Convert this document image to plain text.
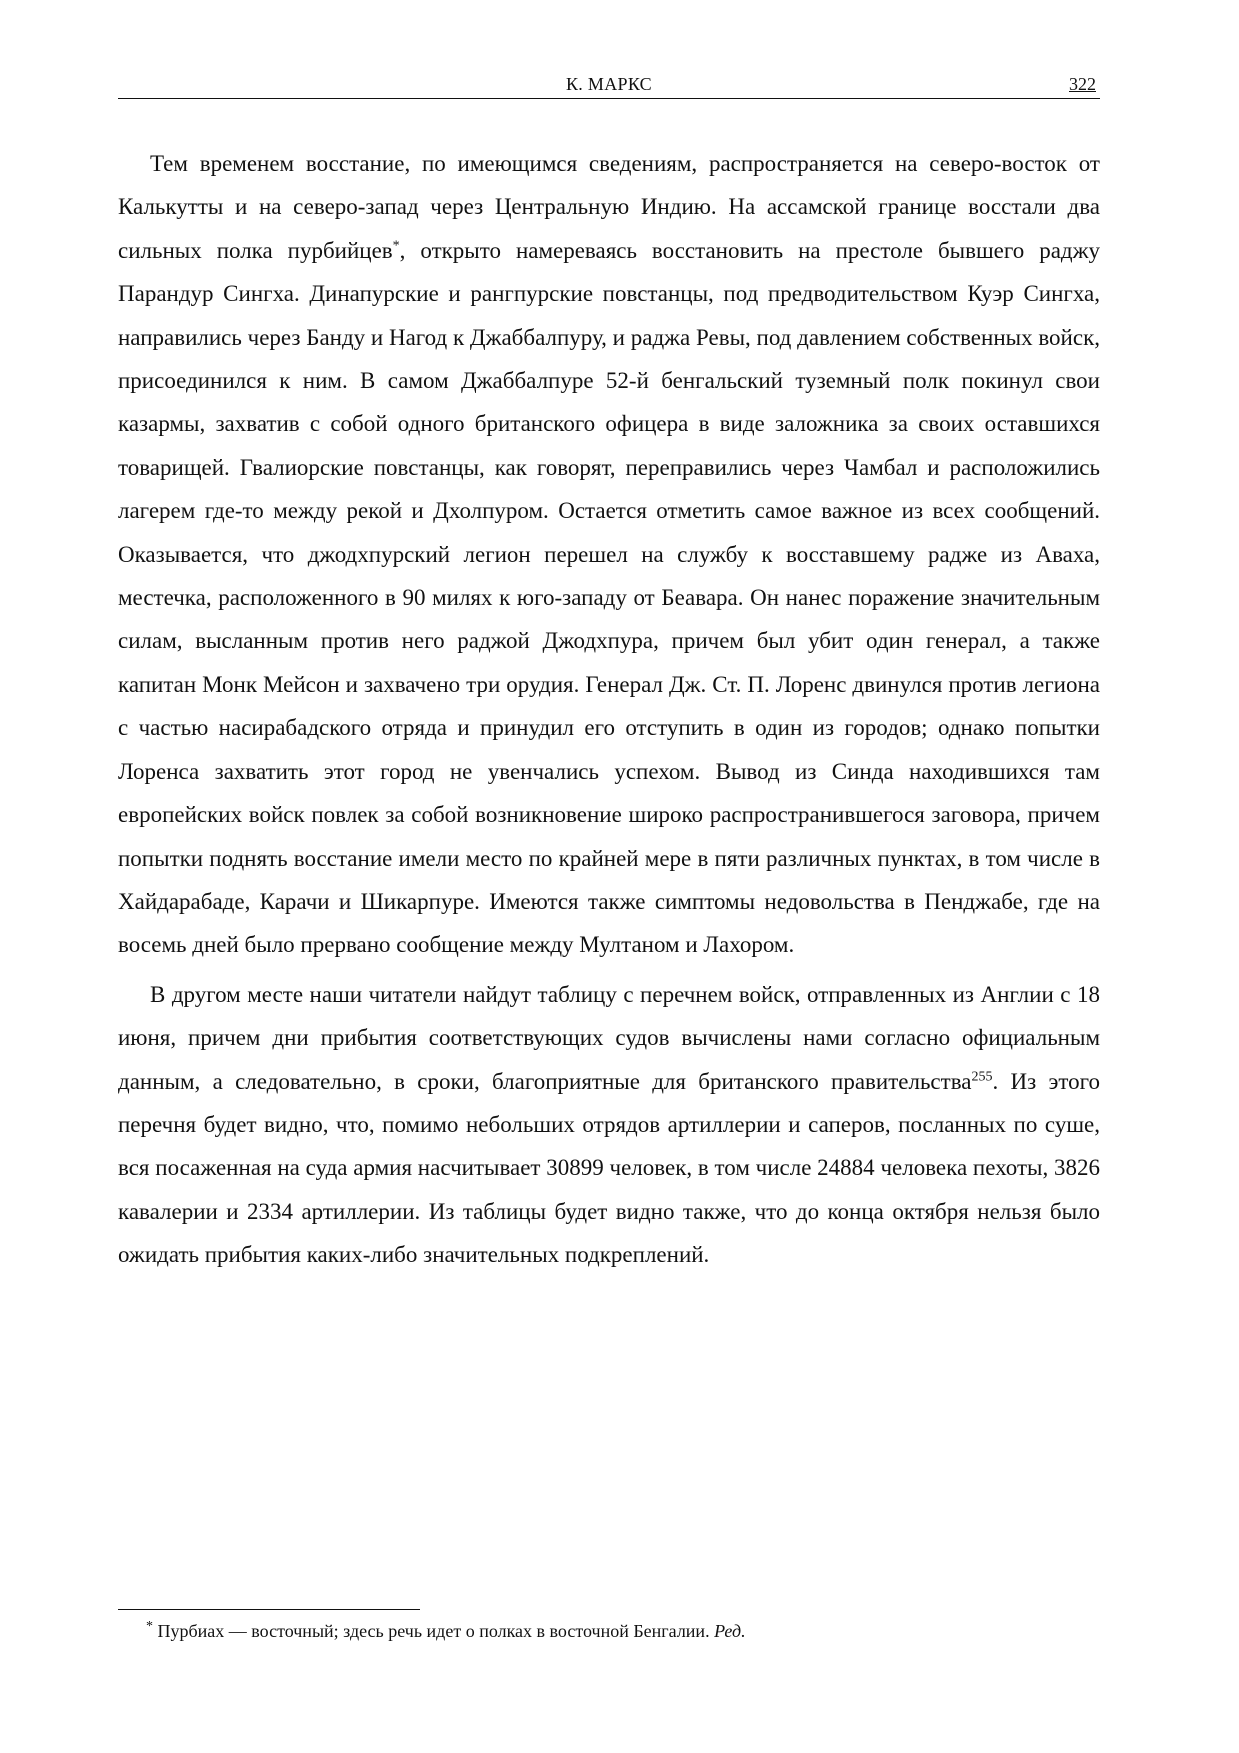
К. МАРКС	322

Тем временем восстание, по имеющимся сведениям, распространяется на северо-восток от Калькутты и на северо-запад через Центральную Индию. На ассамской границе восстали два сильных полка пурбийцев*, открыто намереваясь восстановить на престоле бывшего раджу Парандур Сингха. Динапурские и рангпурские повстанцы, под предводительством Куэр Сингха, направились через Банду и Нагод к Джаббалпуру, и раджа Ревы, под давлением собственных войск, присоединился к ним. В самом Джаббалпуре 52-й бенгальский туземный полк покинул свои казармы, захватив с собой одного британского офицера в виде заложника за своих оставшихся товарищей. Гвалиорские повстанцы, как говорят, переправились через Чамбал и расположились лагерем где-то между рекой и Дхолпуром. Остается отметить самое важное из всех сообщений. Оказывается, что джодхпурский легион перешел на службу к восставшему радже из Аваха, местечка, расположенного в 90 милях к юго-западу от Беавара. Он нанес поражение значительным силам, высланным против него раджой Джодхпура, причем был убит один генерал, а также капитан Монк Мейсон и захвачено три орудия. Генерал Дж. Ст. П. Лоренс двинулся против легиона с частью насирабадского отряда и принудил его отступить в один из городов; однако попытки Лоренса захватить этот город не увенчались успехом. Вывод из Синда находившихся там европейских войск повлек за собой возникновение широко распространившегося заговора, причем попытки поднять восстание имели место по крайней мере в пяти различных пунктах, в том числе в Хайдарабаде, Карачи и Шикарпуре. Имеются также симптомы недовольства в Пенджабе, где на восемь дней было прервано сообщение между Мултаном и Лахором.

В другом месте наши читатели найдут таблицу с перечнем войск, отправленных из Англии с 18 июня, причем дни прибытия соответствующих судов вычислены нами согласно официальным данным, а следовательно, в сроки, благоприятные для британского правительства$^{255}$. Из этого перечня будет видно, что, помимо небольших отрядов артиллерии и саперов, посланных по суше, вся посаженная на суда армия насчитывает 30899 человек, в том числе 24884 человека пехоты, 3826 кавалерии и 2334 артиллерии. Из таблицы будет видно также, что до конца октября нельзя было ожидать прибытия каких-либо значительных подкреплений.

* Пурбиах — восточный; здесь речь идет о полках в восточной Бенгалии. Ред.
